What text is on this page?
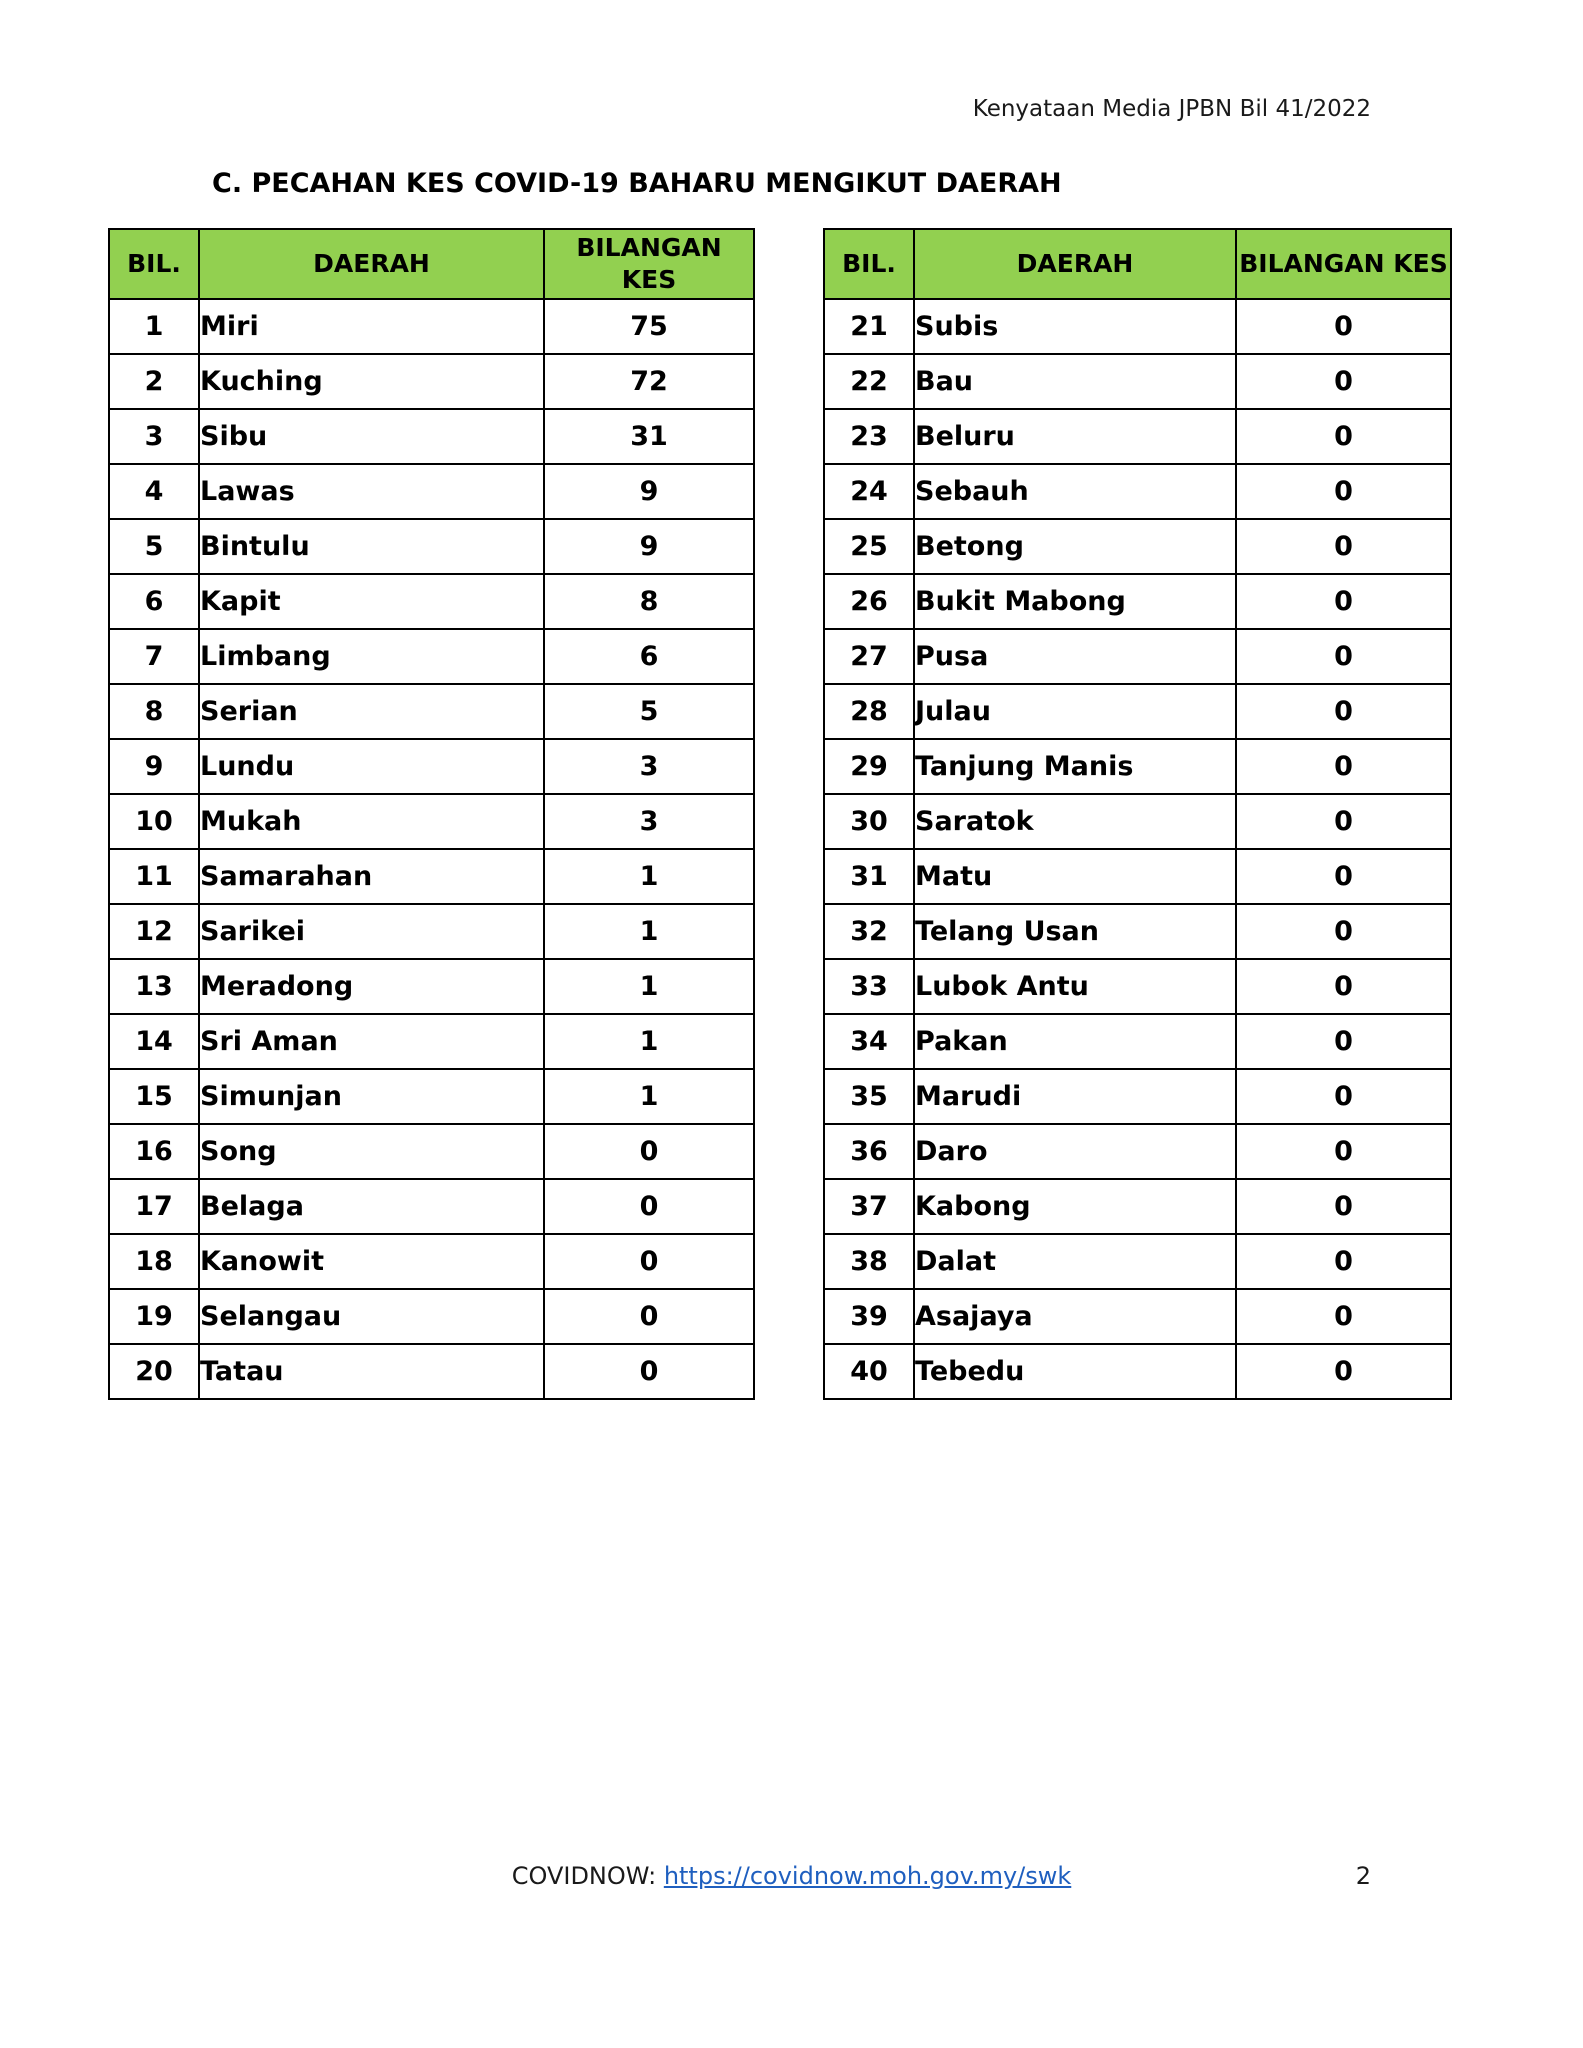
Kenyataan Media JPBN Bil 41/2022
C. PECAHAN KES COVID-19 BAHARU MENGIKUT DAERAH
BIL.	DAERAH	BILANGAN KES
1	Miri	75
2	Kuching	72
3	Sibu	31
4	Lawas	9
5	Bintulu	9
6	Kapit	8
7	Limbang	6
8	Serian	5
9	Lundu	3
10	Mukah	3
11	Samarahan	1
12	Sarikei	1
13	Meradong	1
14	Sri Aman	1
15	Simunjan	1
16	Song	0
17	Belaga	0
18	Kanowit	0
19	Selangau	0
20	Tatau	0
BIL.	DAERAH	BILANGAN KES
21	Subis	0
22	Bau	0
23	Beluru	0
24	Sebauh	0
25	Betong	0
26	Bukit Mabong	0
27	Pusa	0
28	Julau	0
29	Tanjung Manis	0
30	Saratok	0
31	Matu	0
32	Telang Usan	0
33	Lubok Antu	0
34	Pakan	0
35	Marudi	0
36	Daro	0
37	Kabong	0
38	Dalat	0
39	Asajaya	0
40	Tebedu	0
COVIDNOW: https://covidnow.moh.gov.my/swk	2
